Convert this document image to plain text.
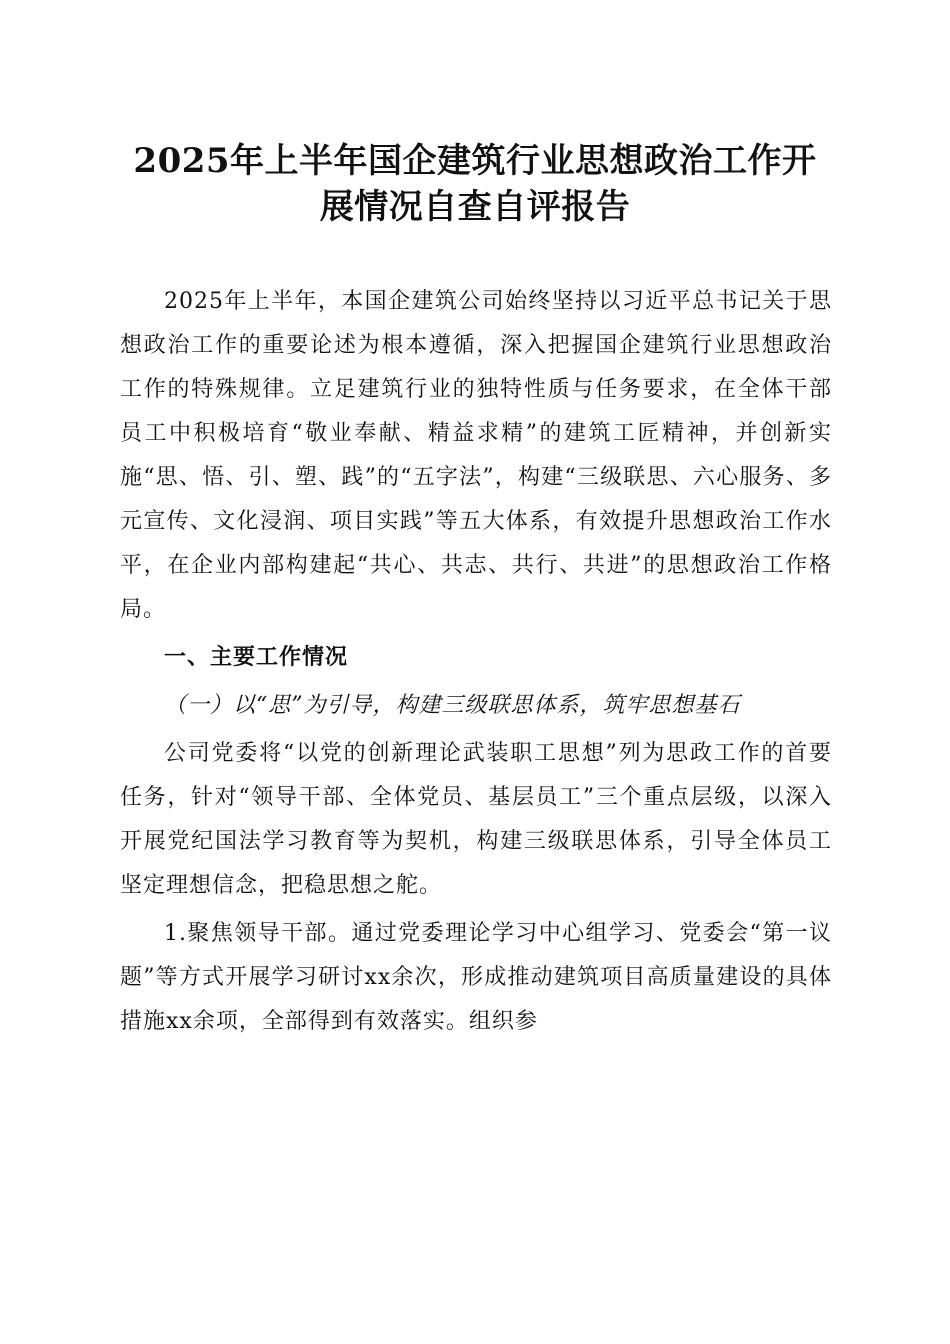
2025年上半年国企建筑行业思想政治工作开
展情况自查自评报告

2025年上半年，本国企建筑公司始终坚持以习近平总书记关于思想政治工作的重要论述为根本遵循，深入把握国企建筑行业思想政治工作的特殊规律。立足建筑行业的独特性质与任务要求，在全体干部员工中积极培育“敬业奉献、精益求精”的建筑工匠精神，并创新实施“思、悟、引、塑、践”的“五字法”，构建“三级联思、六心服务、多元宣传、文化浸润、项目实践”等五大体系，有效提升思想政治工作水平，在企业内部构建起“共心、共志、共行、共进”的思想政治工作格局。

一、主要工作情况

（一）以“思”为引导，构建三级联思体系，筑牢思想基石

公司党委将“以党的创新理论武装职工思想”列为思政工作的首要任务，针对“领导干部、全体党员、基层员工”三个重点层级，以深入开展党纪国法学习教育等为契机，构建三级联思体系，引导全体员工坚定理想信念，把稳思想之舵。

1.聚焦领导干部。通过党委理论学习中心组学习、党委会“第一议题”等方式开展学习研讨xx余次，形成推动建筑项目高质量建设的具体措施xx余项，全部得到有效落实。组织参
